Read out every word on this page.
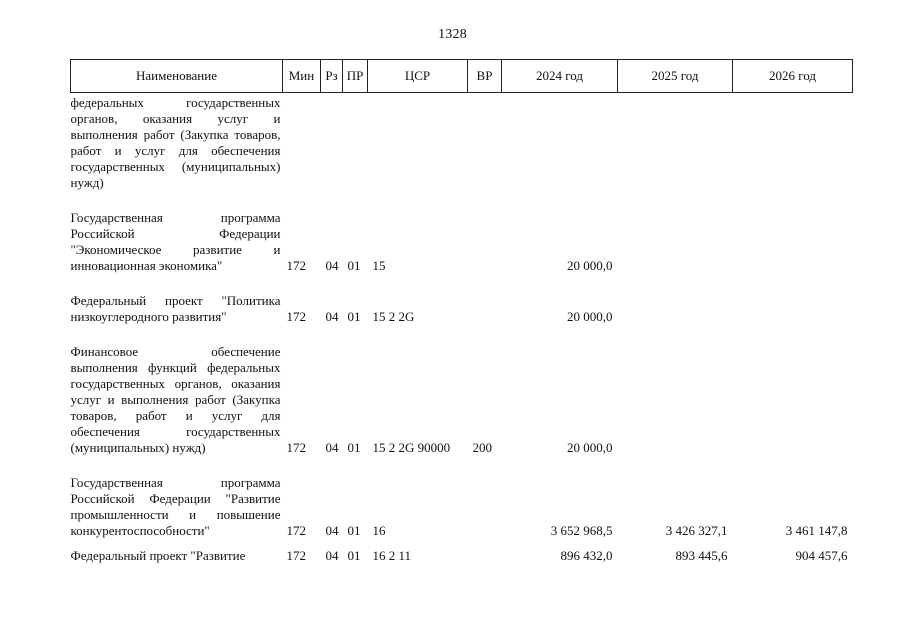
1328
Наименование	Мин	Рз	ПР	ЦСР	ВР	2024 год	2025 год	2026 год
федеральных государственных органов, оказания услуг и выполнения работ (Закупка товаров, работ и услуг для обеспечения государственных (муниципальных) нужд)								
Государственная программа Российской Федерации "Экономическое развитие и инновационная экономика"	172	04	01	15		20 000,0		
Федеральный проект "Политика низкоуглеродного развития"	172	04	01	15 2 2G		20 000,0		
Финансовое обеспечение выполнения функций федеральных государственных органов, оказания услуг и выполнения работ (Закупка товаров, работ и услуг для обеспечения государственных (муниципальных) нужд)	172	04	01	15 2 2G 90000	200	20 000,0		
Государственная программа Российской Федерации "Развитие промышленности и повышение конкурентоспособности"	172	04	01	16		3 652 968,5	3 426 327,1	3 461 147,8
Федеральный проект "Развитие	172	04	01	16 2 11		896 432,0	893 445,6	904 457,6
